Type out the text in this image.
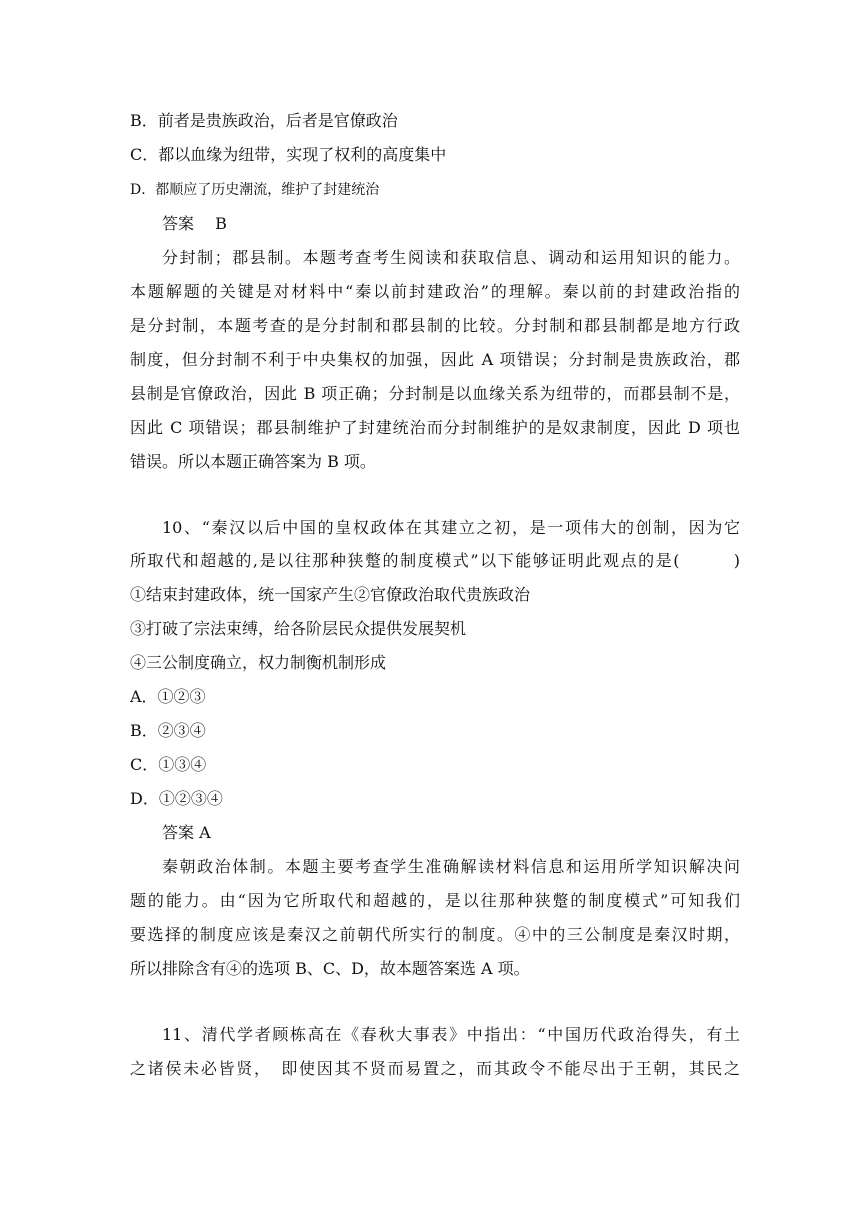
B．前者是贵族政治，后者是官僚政治
C．都以血缘为纽带，实现了权利的高度集中
D．都顺应了历史潮流，维护了封建统治
答案　 B
分封制；郡县制。本题考查考生阅读和获取信息、调动和运用知识的能力。
本题解题的关键是对材料中“秦以前封建政治”的理解。秦以前的封建政治指的
是分封制，本题考查的是分封制和郡县制的比较。分封制和郡县制都是地方行政
制度，但分封制不利于中央集权的加强，因此 A 项错误；分封制是贵族政治，郡
县制是官僚政治，因此 B 项正确；分封制是以血缘关系为纽带的，而郡县制不是，
因此 C 项错误；郡县制维护了封建统治而分封制维护的是奴隶制度，因此 D 项也
错误。所以本题正确答案为 B 项。
10、“秦汉以后中国的皇权政体在其建立之初，是一项伟大的创制，因为它
所取代和超越的,是以往那种狭蹩的制度模式”以下能够证明此观点的是(　　　)
①结束封建政体，统一国家产生②官僚政治取代贵族政治
③打破了宗法束缚，给各阶层民众提供发展契机
④三公制度确立，权力制衡机制形成
A．①②③
B．②③④
C．①③④
D．①②③④
答案 A
秦朝政治体制。本题主要考查学生准确解读材料信息和运用所学知识解决问
题的能力。由“因为它所取代和超越的，是以往那种狭蹩的制度模式”可知我们
要选择的制度应该是秦汉之前朝代所实行的制度。④中的三公制度是秦汉时期，
所以排除含有④的选项 B、C、D，故本题答案选 A 项。
11、清代学者顾栋高在《春秋大事表》中指出：“中国历代政治得失，有土
之诸侯未必皆贤，　即使因其不贤而易置之，而其政令不能尽出于王朝，其民之
